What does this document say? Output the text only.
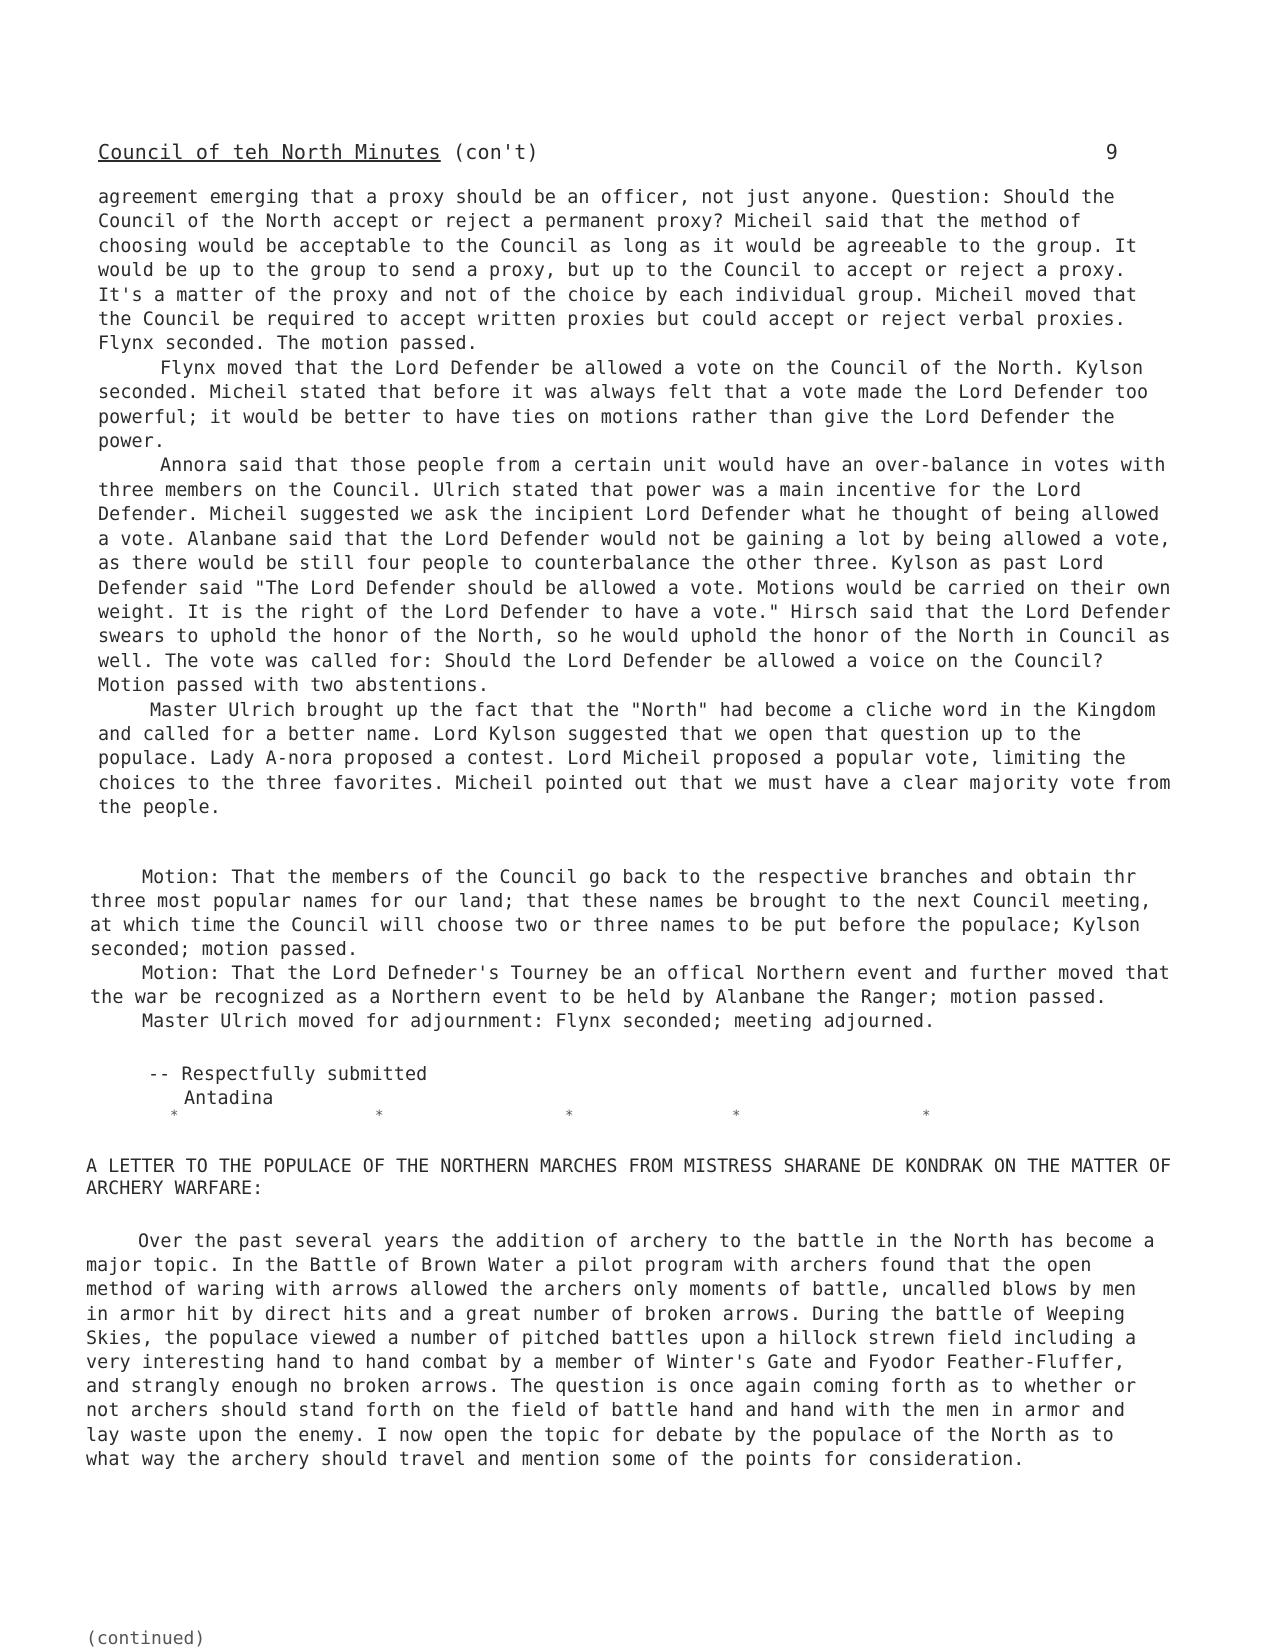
Council of teh North Minutes (con't)	9

agreement emerging that a proxy should be an officer, not just anyone. Question: Should the Council of the North accept or reject a permanent proxy? Micheil said that the method of choosing would be acceptable to the Council as long as it would be agreeable to the group. It would be up to the group to send a proxy, but up to the Council to accept or reject a proxy. It's a matter of the proxy and not of the choice by each individual group. Micheil moved that the Council be required to accept written proxies but could accept or reject verbal proxies. Flynx seconded. The motion passed.

Flynx moved that the Lord Defender be allowed a vote on the Council of the North. Kylson seconded. Micheil stated that before it was always felt that a vote made the Lord Defender too powerful; it would be better to have ties on motions rather than give the Lord Defender the power.

Annora said that those people from a certain unit would have an over-balance in votes with three members on the Council. Ulrich stated that power was a main incentive for the Lord Defender. Micheil suggested we ask the incipient Lord Defender what he thought of being allowed a vote. Alanbane said that the Lord Defender would not be gaining a lot by being allowed a vote, as there would be still four people to counterbalance the other three. Kylson as past Lord Defender said "The Lord Defender should be allowed a vote. Motions would be carried on their own weight. It is the right of the Lord Defender to have a vote." Hirsch said that the Lord Defender swears to uphold the honor of the North, so he would uphold the honor of the North in Council as well. The vote was called for: Should the Lord Defender be allowed a voice on the Council? Motion passed with two abstentions.

Master Ulrich brought up the fact that the "North" had become a cliche word in the Kingdom and called for a better name. Lord Kylson suggested that we open that question up to the populace. Lady A-nora proposed a contest. Lord Micheil proposed a popular vote, limiting the choices to the three favorites. Micheil pointed out that we must have a clear majority vote from the people.

Motion: That the members of the Council go back to the respective branches and obtain thr three most popular names for our land; that these names be brought to the next Council meeting, at which time the Council will choose two or three names to be put before the populace; Kylson seconded; motion passed.

Motion: That the Lord Defneder's Tourney be an offical Northern event and further moved that the war be recognized as a Northern event to be held by Alanbane the Ranger; motion passed.

Master Ulrich moved for adjournment: Flynx seconded; meeting adjourned.

-- Respectfully submitted
Antadina
*	*	*	*	*
A LETTER TO THE POPULACE OF THE NORTHERN MARCHES FROM MISTRESS SHARANE DE KONDRAK ON THE MATTER OF ARCHERY WARFARE:

Over the past several years the addition of archery to the battle in the North has become a major topic. In the Battle of Brown Water a pilot program with archers found that the open method of waring with arrows allowed the archers only moments of battle, uncalled blows by men in armor hit by direct hits and a great number of broken arrows. During the battle of Weeping Skies, the populace viewed a number of pitched battles upon a hillock strewn field including a very interesting hand to hand combat by a member of Winter's Gate and Fyodor Feather-Fluffer, and strangly enough no broken arrows. The question is once again coming forth as to whether or not archers should stand forth on the field of battle hand and hand with the men in armor and lay waste upon the enemy. I now open the topic for debate by the populace of the North as to what way the archery should travel and mention some of the points for consideration.

(continued)
